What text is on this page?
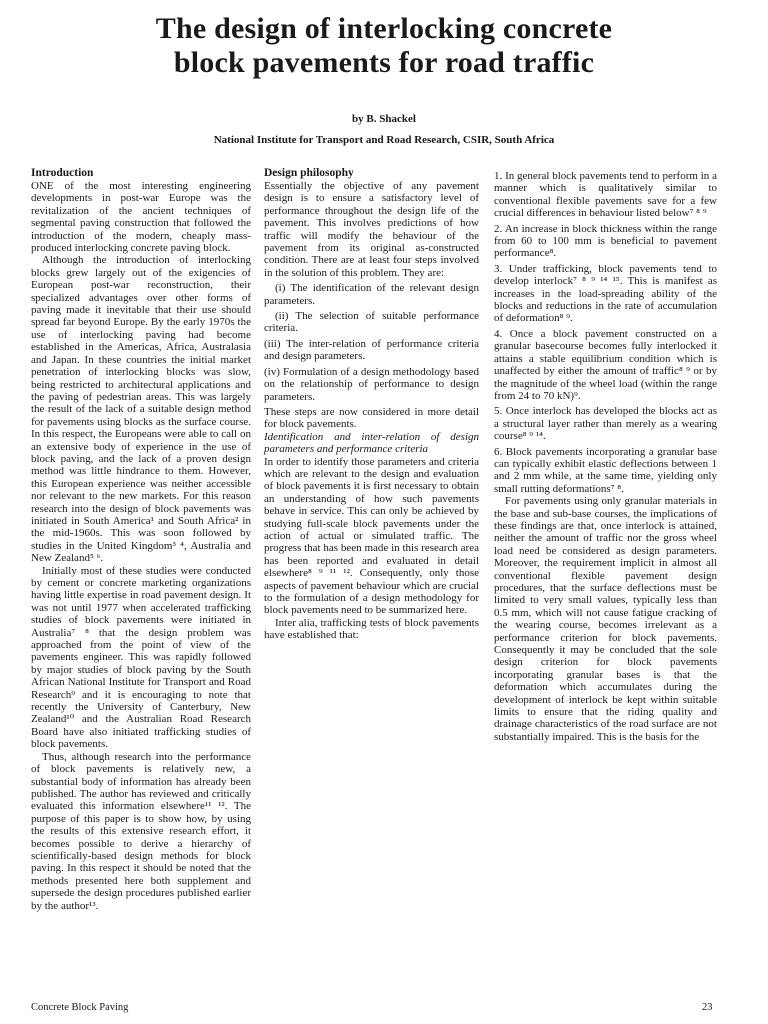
The design of interlocking concrete
block pavements for road traffic
by B. Shackel
National Institute for Transport and Road Research, CSIR, South Africa
Introduction

ONE of the most interesting engineering developments in post-war Europe was the revitalization of the ancient techniques of segmental paving construction that followed the introduction of the modern, cheaply mass-produced interlocking concrete paving block.

Although the introduction of interlocking blocks grew largely out of the exigencies of European post-war reconstruction, their specialized advantages over other forms of paving made it inevitable that their use should spread far beyond Europe. By the early 1970s the use of interlocking paving had become established in the Americas, Africa, Australasia and Japan. In these countries the initial market penetration of interlocking blocks was slow, being restricted to architectural applications and the paving of pedestrian areas. This was largely the result of the lack of a suitable design method for pavements using blocks as the surface course. In this respect, the Europeans were able to call on an extensive body of experience in the use of block paving, and the lack of a proven design method was little hindrance to them. However, this European experience was neither accessible nor relevant to the new markets. For this reason research into the design of block pavements was initiated in South America¹ and South Africa² in the mid-1960s. This was soon followed by studies in the United Kingdom³ ⁴, Australia and New Zealand⁵ ⁶.

Initially most of these studies were conducted by cement or concrete marketing organizations having little expertise in road pavement design. It was not until 1977 when accelerated trafficking studies of block pavements were initiated in Australia⁷ ⁸ that the design problem was approached from the point of view of the pavements engineer. This was rapidly followed by major studies of block paving by the South African National Institute for Transport and Road Research⁹ and it is encouraging to note that recently the University of Canterbury, New Zealand¹⁰ and the Australian Road Research Board have also initiated trafficking studies of block pavements.

Thus, although research into the performance of block pavements is relatively new, a substantial body of information has already been published. The author has reviewed and critically evaluated this information elsewhere¹¹ ¹². The purpose of this paper is to show how, by using the results of this extensive research effort, it becomes possible to derive a hierarchy of scientifically-based design methods for block paving. In this respect it should be noted that the methods presented here both supplement and supersede the design procedures published earlier by the author¹³.

Design philosophy

Essentially the objective of any pavement design is to ensure a satisfactory level of performance throughout the design life of the pavement. This involves predictions of how traffic will modify the behaviour of the pavement from its original as-constructed condition. There are at least four steps involved in the solution of this problem. They are:

(i) The identification of the relevant design parameters.

(ii) The selection of suitable performance criteria.

(iii) The inter-relation of performance criteria and design parameters.

(iv) Formulation of a design methodology based on the relationship of performance to design parameters.

These steps are now considered in more detail for block pavements.

Identification and inter-relation of design parameters and performance criteria

In order to identify those parameters and criteria which are relevant to the design and evaluation of block pavements it is first necessary to obtain an understanding of how such pavements behave in service. This can only be achieved by studying full-scale block pavements under the action of actual or simulated traffic. The progress that has been made in this research area has been reported and evaluated in detail elsewhere⁸ ⁹ ¹¹ ¹². Consequently, only those aspects of pavement behaviour which are crucial to the formulation of a design methodology for block pavements need to be summarized here.

Inter alia, trafficking tests of block pavements have established that:

1. In general block pavements tend to perform in a manner which is qualitatively similar to conventional flexible pavements save for a few crucial differences in behaviour listed below⁷ ⁸ ⁹

2. An increase in block thickness within the range from 60 to 100 mm is beneficial to pavement performance⁸.

3. Under trafficking, block pavements tend to develop interlock⁷ ⁸ ⁹ ¹⁴ ¹⁵. This is manifest as increases in the load-spreading ability of the blocks and reductions in the rate of accumulation of deformation⁸ ⁹.

4. Once a block pavement constructed on a granular basecourse becomes fully interlocked it attains a stable equilibrium condition which is unaffected by either the amount of traffic⁸ ⁹ or by the magnitude of the wheel load (within the range from 24 to 70 kN)⁹.

5. Once interlock has developed the blocks act as a structural layer rather than merely as a wearing course⁸ ⁹ ¹⁴.

6. Block pavements incorporating a granular base can typically exhibit elastic deflections between 1 and 2 mm while, at the same time, yielding only small rutting deformations⁷ ⁸.

For pavements using only granular materials in the base and sub-base courses, the implications of these findings are that, once interlock is attained, neither the amount of traffic nor the gross wheel load need be considered as design parameters. Moreover, the requirement implicit in almost all conventional flexible pavement design procedures, that the surface deflections must be limited to very small values, typically less than 0.5 mm, which will not cause fatigue cracking of the wearing course, becomes irrelevant as a performance criterion for block pavements. Consequently it may be concluded that the sole design criterion for block pavements incorporating granular bases is that the deformation which accumulates during the development of interlock be kept within suitable limits to ensure that the riding quality and drainage characteristics of the road surface are not substantially impaired. This is the basis for the

Concrete Block Paving	23
